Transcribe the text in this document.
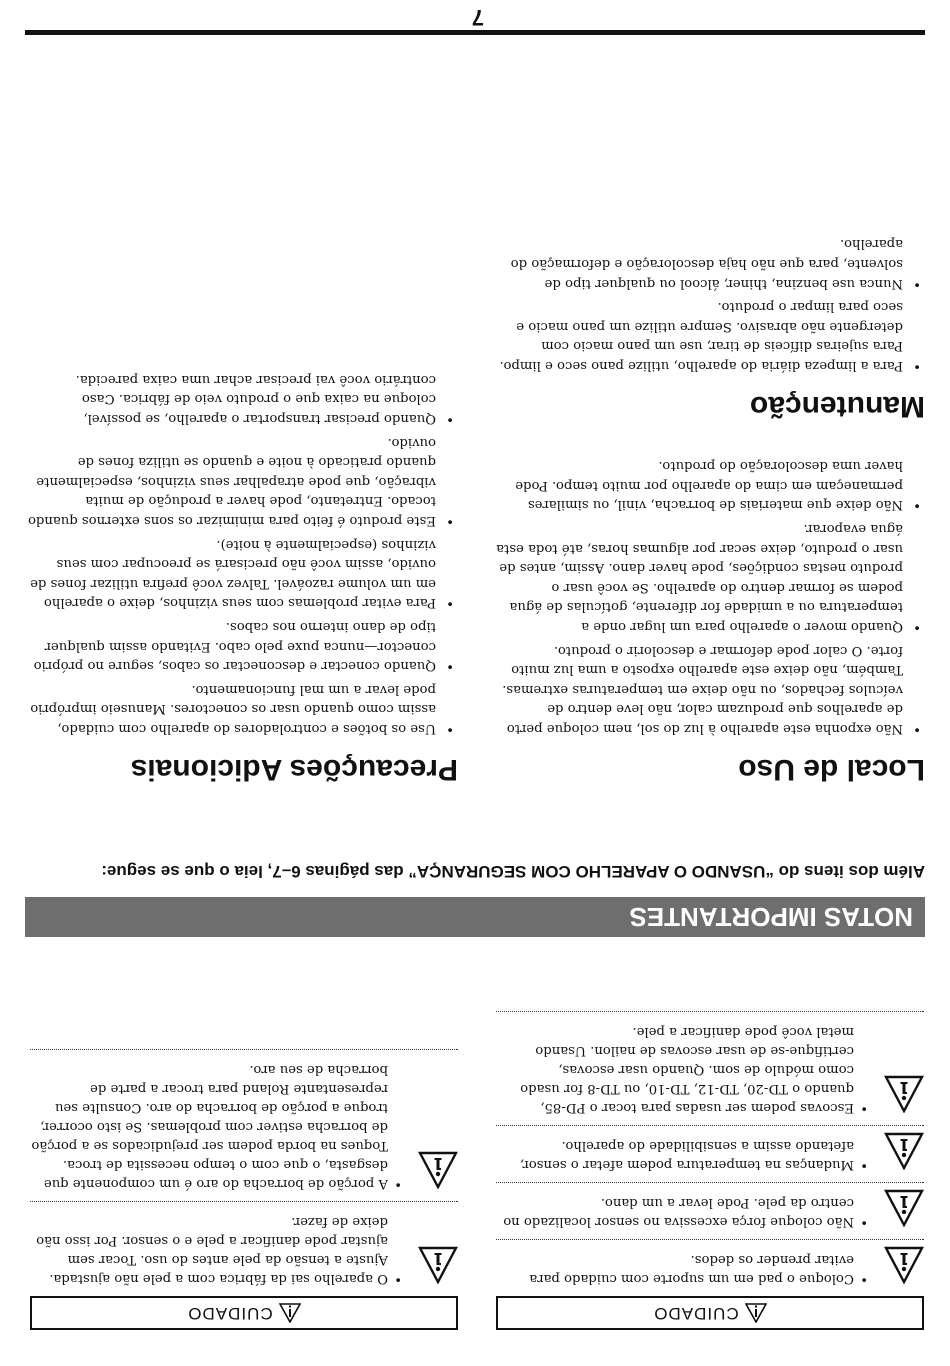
CUIDADO
• Coloque o pad em um suporte com cuidado para evitar prender os dedos.
• Não coloque força excessiva no sensor localizado no centro da pele. Pode levar a um dano.
• Mudanças na temperatura podem afetar o sensor, afetando assim a sensibilidade do aparelho.
• Escovas podem ser usadas para tocar o PD-85, quando o TD-20, TD-12, TD-10, ou TD-8 for usado como módulo de som. Quando usar escovas, certifique-se de usar escovas de nailon. Usando metal você pode danificar a pele.
CUIDADO
• O aparelho sai da fábrica com a pele não ajustada. Ajuste a tensão da pele antes do uso. Tocar sem ajustar pode danificar a pele e o sensor. Por isso não deixe de fazer.
• A porção de borracha do aro é um componente que desgasta, o que com o tempo necessita de troca. Toques na borda podem ser prejudicados se a porção de borracha estiver com problemas. Se isto ocorrer, troque a porção de borracha do aro. Consulte seu representante Roland para trocar a parte de borracha de seu aro.
NOTAS IMPORTANTES
Além dos itens do “USANDO O APARELHO COM SEGURANÇA” das páginas 6–7, leia o que se segue:
Local de Uso
• Não exponha este aparelho à luz do sol, nem coloque perto de aparelhos que produzam calor, não leve dentro de veículos fechados, ou não deixe em temperaturas extremas. Também, não deixe este aparelho exposto a uma luz muito forte. O calor pode deformar e descolorir o produto.
• Quando mover o aparelho para um lugar onde a temperatura ou a umidade for diferente, gotículas de água podem se formar dentro do aparelho. Se você usar o produto nestas condições, pode haver dano. Assim, antes de usar o produto, deixe secar por algumas horas, até toda esta água evaporar.
• Não deixe que materiais de borracha, vinil, ou similares permaneçam em cima do aparelho por muito tempo. Pode haver uma descoloração do produto.
Manutenção
• Para a limpeza diária do aparelho, utilize pano seco e limpo. Para sujeiras difíceis de tirar, use um pano macio com detergente não abrasivo. Sempre utilize um pano macio e seco para limpar o produto.
• Nunca use benzina, thiner, álcool ou qualquer tipo de solvente, para que não haja descoloração e deformação do aparelho.
Precauções Adicionais
• Use os botões e controladores do aparelho com cuidado, assim como quando usar os conectores. Manuseio impróprio pode levar a um mal funcionamento.
• Quando conectar e desconectar os cabos, segure no próprio conector—nunca puxe pelo cabo. Evitando assim qualquer tipo de dano interno nos cabos.
• Para evitar problemas com seus vizinhos, deixe o aparelho em um volume razoável. Talvez você prefira utilizar fones de ouvido, assim você não precisará se preocupar com seus vizinhos (especialmente à noite).
• Este produto é feito para minimizar os sons externos quando tocado. Entretanto, pode haver a produção de muita vibração, que pode atrapalhar seus vizinhos, especialmente quando praticado à noite e quando se utiliza fones de ouvido.
• Quando precisar transportar o aparelho, se possível, coloque na caixa que o produto veio de fábrica. Caso contrário você vai precisar achar uma caixa parecida.
7
